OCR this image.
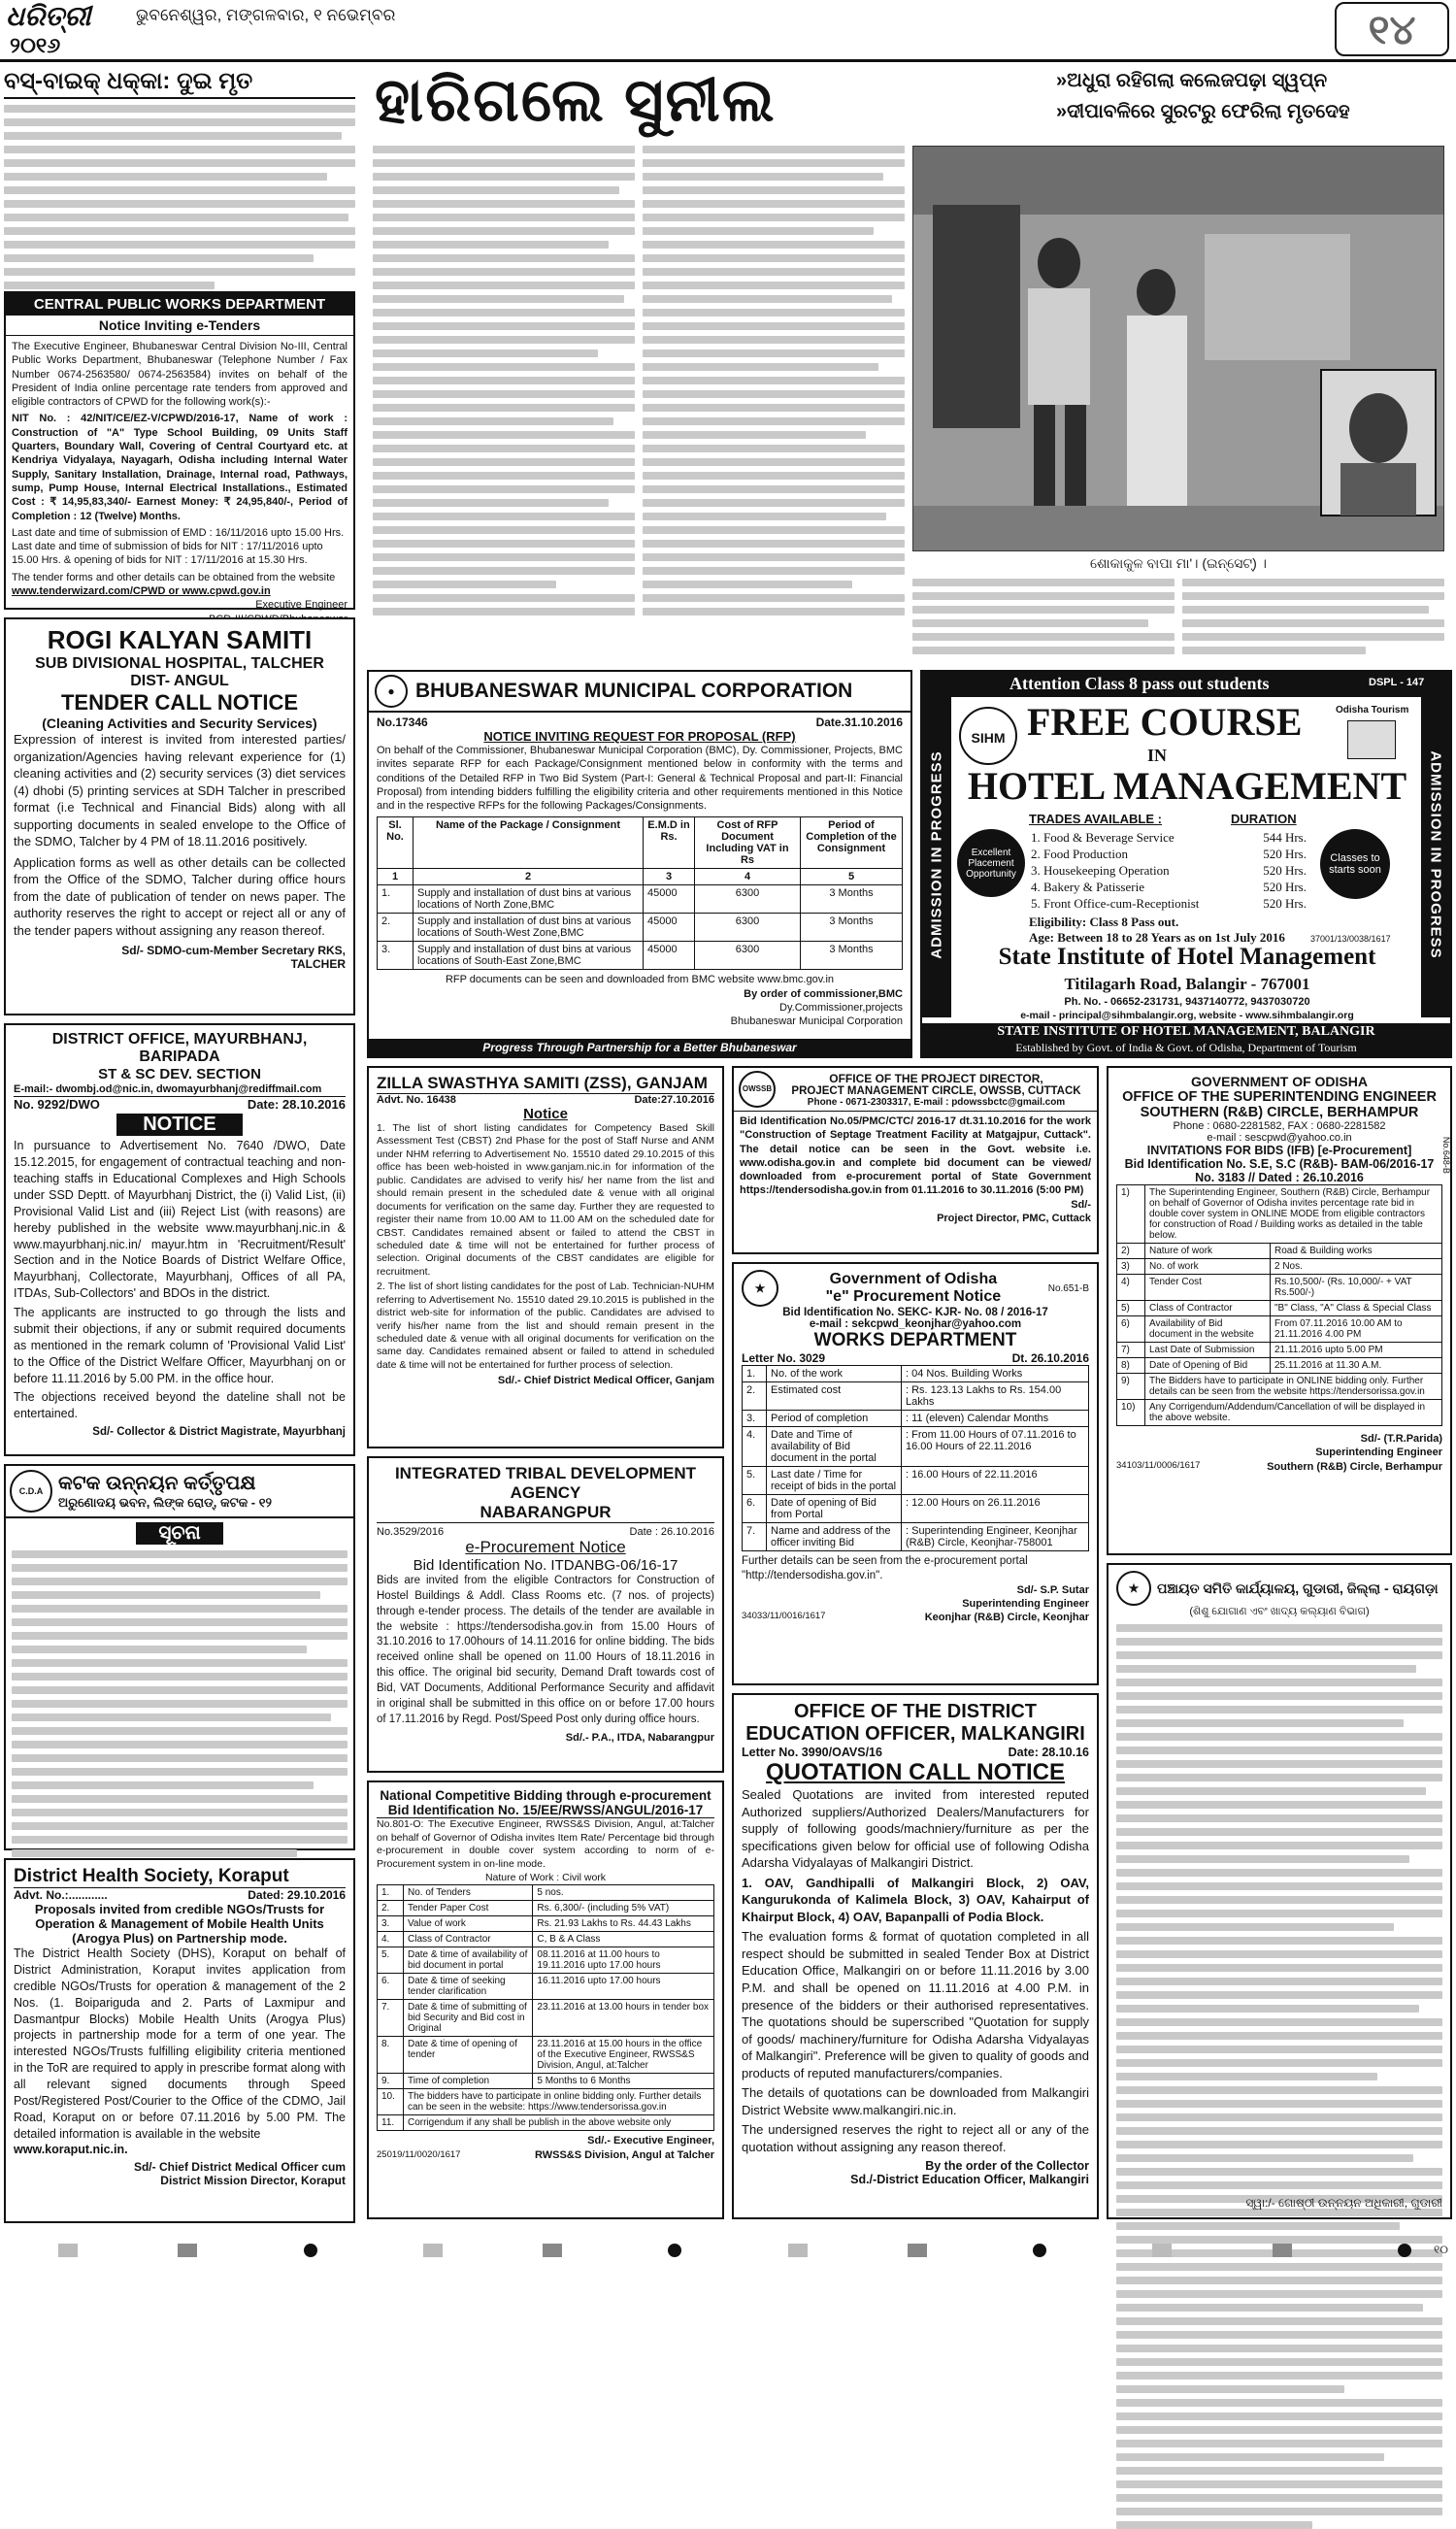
ଧରିତ୍ରୀ
୨୦୧୬
ଭୁବନେଶ୍ୱର, ମଙ୍ଗଳବାର, ୧ ନଭେମ୍ବର	୧୪
ବସ୍-ବାଇକ୍ ଧକ୍କା: ଦୁଇ ମୃତ	ହାରିଗଲେ ସୁନୀଲ	»ଅଧୁରା ରହିଗଲା କଲେଜପଢ଼ା ସ୍ୱପ୍ନ
»ଦୀପାବଳିରେ ସୁରଟରୁ ଫେରିଲା ମୃତଦେହ
ଶୋକାକୁଳ ବାପା ମା'। (ଇନ୍‌ସେଟ୍‌) ।
CENTRAL PUBLIC WORKS DEPARTMENT
Notice Inviting e-Tenders
The Executive Engineer, Bhubaneswar Central Division No-III, Central Public Works Department, Bhubaneswar (Telephone Number / Fax Number 0674-2563580/ 0674-2563584) invites on behalf of the President of India online percentage rate tenders from approved and eligible contractors of CPWD for the following work(s):-
NIT No. : 42/NIT/CE/EZ-V/CPWD/2016-17, Name of work : Construction of "A" Type School Building, 09 Units Staff Quarters, Boundary Wall, Covering of Central Courtyard etc. at Kendriya Vidyalaya, Nayagarh, Odisha including Internal Water Supply, Sanitary Installation, Drainage, Internal road, Pathways, sump, Pump House, Internal Electrical Installations., Estimated Cost : ₹ 14,95,83,340/- Earnest Money: ₹ 24,95,840/-, Period of Completion : 12 (Twelve) Months.
Last date and time of submission of EMD : 16/11/2016 upto 15.00 Hrs. Last date and time of submission of bids for NIT : 17/11/2016 upto 15.00 Hrs. & opening of bids for NIT : 17/11/2016 at 15.30 Hrs.
The tender forms and other details can be obtained from the website
www.tenderwizard.com/CPWD or www.cpwd.gov.in
Executive Engineer
ROGI KALYAN SAMITI
SUB DIVISIONAL HOSPITAL, TALCHER
DIST- ANGUL
TENDER CALL NOTICE
(Cleaning Activities and Security Services)
Expression of interest is invited from interested parties/ organization/Agencies having relevant experience for (1) cleaning activities and (2) security services (3) diet services (4) dhobi (5) printing services at SDH Talcher in prescribed format (i.e Technical and Financial Bids) along with all supporting documents in sealed envelope to the Office of the SDMO, Talcher by 4 PM of 18.11.2016 positively.
Application forms as well as other details can be collected from the Office of the SDMO, Talcher during office hours from the date of publication of tender on news paper. The authority reserves the right to accept or reject all or any of the tender papers without assigning any reason thereof.
Sd/- SDMO-cum-Member Secretary RKS,
TALCHER
DISTRICT OFFICE, MAYURBHANJ, BARIPADA
ST & SC DEV. SECTION
E-mail:- dwombj.od@nic.in, dwomayurbhanj@rediffmail.com
No. 9292/DWO	Date: 28.10.2016
NOTICE
In pursuance to Advertisement No. 7640 /DWO, Date 15.12.2015, for engagement of contractual teaching and non-teaching staffs in Educational Complexes and High Schools under SSD Deptt. of Mayurbhanj District, the (i) Valid List, (ii) Provisional Valid List and (iii) Reject List (with reasons) are hereby published in the website www.mayurbhanj.nic.in & www.mayurbhanj.nic.in/ mayur.htm in 'Recruitment/Result' Section and in the Notice Boards of District Welfare Office, Mayurbhanj, Collectorate, Mayurbhanj, Offices of all PA, ITDAs, Sub-Collectors' and BDOs in the district.
The applicants are instructed to go through the lists and submit their objections, if any or submit required documents as mentioned in the remark column of 'Provisional Valid List' to the Office of the District Welfare Officer, Mayurbhanj on or before 11.11.2016 by 5.00 PM. in the office hour.
The objections received beyond the dateline shall not be entertained.
Sd/- Collector & District Magistrate, Mayurbhanj
C.D.A କଟକ ଉନ୍ନୟନ କର୍ତ୍ତୃପକ୍ଷ
ଅରୁଣୋଦୟ ଭବନ, ଲିଙ୍କ ରୋଡ୍‌, କଟକ - ୧୨
ସୂଚନା
District Health Society, Koraput
Advt. No.:............	Dated: 29.10.2016
Proposals invited from credible NGOs/Trusts for Operation & Management of Mobile Health Units (Arogya Plus) on Partnership mode.
The District Health Society (DHS), Koraput on behalf of District Administration, Koraput invites application from credible NGOs/Trusts for operation & management of the 2 Nos. (1. Boipariguda and 2. Parts of Laxmipur and Dasmantpur Blocks) Mobile Health Units (Arogya Plus) projects in partnership mode for a term of one year. The interested NGOs/Trusts fulfilling eligibility criteria mentioned in the ToR are required to apply in prescribe format along with all relevant signed documents through Speed Post/Registered Post/Courier to the Office of the CDMO, Jail Road, Koraput on or before 07.11.2016 by 5.00 PM. The detailed information is available in the website
www.koraput.nic.in.
Sd/- Chief District Medical Officer cum
District Mission Director, Koraput
●	BHUBANESWAR MUNICIPAL CORPORATION
No.17346	Date.31.10.2016
NOTICE INVITING REQUEST FOR PROPOSAL (RFP)
On behalf of the Commissioner, Bhubaneswar Municipal Corporation (BMC), Dy. Commissioner, Projects, BMC invites separate RFP for each Package/Consignment mentioned below in conformity with the terms and conditions of the Detailed RFP in Two Bid System (Part-I: General & Technical Proposal and part-II: Financial Proposal) from intending bidders fulfilling the eligibility criteria and other requirements mentioned in this Notice and in the respective RFPs for the following Packages/Consignments.
Sl. No.	Name of the Package / Consignment	E.M.D in Rs.	Cost of RFP Document Including VAT in Rs	Period of Completion of the Consignment
1	2	3	4	5
1.	Supply and installation of dust bins at various locations of North Zone,BMC	45000	6300	3 Months
2.	Supply and installation of dust bins at various locations of South-West Zone,BMC	45000	6300	3 Months
3.	Supply and installation of dust bins at various locations of South-East Zone,BMC	45000	6300	3 Months
RFP documents can be seen and downloaded from BMC website www.bmc.gov.in
By order of commissioner,BMC
Dy.Commissioner,projects
Bhubaneswar Municipal Corporation
Progress Through Partnership for a Better Bhubaneswar
Attention Class 8 pass out students	DSPL - 147
ADMISSION IN PROGRESS	ADMISSION IN PROGRESS
SIHM FREE COURSE	Odisha Tourism
IN
HOTEL MANAGEMENT
TRADES AVAILABLE :	DURATION
Excellent Placement Opportunity
1. Food & Beverage Service	544 Hrs.
2. Food Production	520 Hrs.
3. Housekeeping Operation	520 Hrs.
4. Bakery & Patisserie	520 Hrs.
5. Front Office-cum-Receptionist	520 Hrs.
Classes to starts soon
Eligibility: Class 8 Pass out.
Age: Between 18 to 28 Years as on 1st July 2016	37001/13/0038/1617
State Institute of Hotel Management
Titilagarh Road, Balangir - 767001
Ph. No. - 06652-231731, 9437140772, 9437030720
e-mail - principal@sihmbalangir.org, website - www.sihmbalangir.org
STATE INSTITUTE OF HOTEL MANAGEMENT, BALANGIR
Established by Govt. of India & Govt. of Odisha, Department of Tourism
ZILLA SWASTHYA SAMITI (ZSS), GANJAM
Advt. No. 16438	Date:27.10.2016
Notice
1. The list of short listing candidates for Competency Based Skill Assessment Test (CBST) 2nd Phase for the post of Staff Nurse and ANM under NHM referring to Advertisement No. 15510 dated 29.10.2015 of this office has been web-hoisted in www.ganjam.nic.in for information of the public. Candidates are advised to verify his/ her name from the list and should remain present in the scheduled date & venue with all original documents for verification on the same day. Further they are requested to register their name from 10.00 AM to 11.00 AM on the scheduled date for CBST. Candidates remained absent or failed to attend the CBST in scheduled date & time will not be entertained for further process of selection. Original documents of the CBST candidates are eligible for recruitment.
2. The list of short listing candidates for the post of Lab. Technician-NUHM referring to Advertisement No. 15510 dated 29.10.2015 is published in the district web-site for information of the public. Candidates are advised to verify his/her name from the list and should remain present in the scheduled date & venue with all original documents for verification on the same day. Candidates remained absent or failed to attend in scheduled date & time will not be entertained for further process of selection.
Sd/.- Chief District Medical Officer, Ganjam
INTEGRATED TRIBAL DEVELOPMENT AGENCY
NABARANGPUR
No.3529/2016	Date : 26.10.2016
e-Procurement Notice
Bid Identification No. ITDANBG-06/16-17
Bids are invited from the eligible Contractors for Construction of Hostel Buildings & Addl. Class Rooms etc. (7 nos. of projects) through e-tender process. The details of the tender are available in the website : https://tendersodisha.gov.in from 15.00 Hours of 31.10.2016 to 17.00hours of 14.11.2016 for online bidding. The bids received online shall be opened on 11.00 Hours of 18.11.2016 in this office. The original bid security, Demand Draft towards cost of Bid, VAT Documents, Additional Performance Security and affidavit in original shall be submitted in this office on or before 17.00 hours of 17.11.2016 by Regd. Post/Speed Post only during office hours.
Sd/.- P.A., ITDA, Nabarangpur
National Competitive Bidding through e-procurement
Bid Identification No. 15/EE/RWSS/ANGUL/2016-17
No.801-O: The Executive Engineer, RWSS&S Division, Angul, at:Talcher on behalf of Governor of Odisha invites Item Rate/ Percentage bid through e-procurement in double cover system according to norm of e-Procurement system in on-line mode.
Nature of Work : Civil work
1.	No. of Tenders	5 nos.
2.	Tender Paper Cost	Rs. 6,300/- (including 5% VAT)
3.	Value of work	Rs. 21.93 Lakhs to Rs. 44.43 Lakhs
4.	Class of Contractor	C, B & A Class
5.	Date & time of availability of bid document in portal	08.11.2016 at 11.00 hours to 19.11.2016 upto 17.00 hours
6.	Date & time of seeking tender clarification	16.11.2016 upto 17.00 hours
7.	Date & time of submitting of bid Security and Bid cost in Original	23.11.2016 at 13.00 hours in tender box
8.	Date & time of opening of tender	23.11.2016 at 15.00 hours in the office of the Executive Engineer, RWSS&S Division, Angul, at:Talcher
9.	Time of completion	5 Months to 6 Months
10.	The bidders have to participate in online bidding only. Further details can be seen in the website: https://www.tendersorissa.gov.in	
11.	Corrigendum if any shall be publish in the above website only	
25019/11/0020/1617
Sd/.- Executive Engineer,
RWSS&S Division, Angul at Talcher
OWSSB
OFFICE OF THE PROJECT DIRECTOR,
PROJECT MANAGEMENT CIRCLE, OWSSB, CUTTACK
Phone - 0671-2303317, E-mail : pdowssbctc@gmail.com
Bid Identification No.05/PMC/CTC/ 2016-17 dt.31.10.2016 for the work "Construction of Septage Treatment Facility at Matgajpur, Cuttack". The detail notice can be seen in the Govt. website i.e. www.odisha.gov.in and complete bid document can be viewed/ downloaded from e-procurement portal of State Government https://tendersodisha.gov.in from 01.11.2016 to 30.11.2016 (5:00 PM)
Sd/-
Project Director, PMC, Cuttack
★
Government of Odisha
"e" Procurement Notice	No.651-B
Bid Identification No. SEKC- KJR- No. 08 / 2016-17
e-mail : sekcpwd_keonjhar@yahoo.com
WORKS DEPARTMENT
Letter No. 3029	Dt. 26.10.2016
1.	No. of the work	: 04 Nos. Building Works
2.	Estimated cost	: Rs. 123.13 Lakhs to Rs. 154.00 Lakhs
3.	Period of completion	: 11 (eleven) Calendar Months
4.	Date and Time of availability of Bid document in the portal	: From 11.00 Hours of 07.11.2016 to 16.00 Hours of 22.11.2016
5.	Last date / Time for receipt of bids in the portal	: 16.00 Hours of 22.11.2016
6.	Date of opening of Bid from Portal	: 12.00 Hours on 26.11.2016
7.	Name and address of the officer inviting Bid	: Superintending Engineer, Keonjhar (R&B) Circle, Keonjhar-758001
Further details can be seen from the e-procurement portal "http://tendersodisha.gov.in".
Sd/- S.P. Sutar
Superintending Engineer
34033/11/0016/1617	Keonjhar (R&B) Circle, Keonjhar
OFFICE OF THE DISTRICT
EDUCATION OFFICER, MALKANGIRI
Letter No. 3990/OAVS/16	Date: 28.10.16
QUOTATION CALL NOTICE
Sealed Quotations are invited from interested reputed Authorized suppliers/Authorized Dealers/Manufacturers for supply of following goods/machniery/furniture as per the specifications given below for official use of following Odisha Adarsha Vidyalayas of Malkangiri District.
1. OAV, Gandhipalli of Malkangiri Block, 2) OAV, Kangurukonda of Kalimela Block, 3) OAV, Kahairput of Khairput Block, 4) OAV, Bapanpalli of Podia Block.
The evaluation forms & format of quotation completed in all respect should be submitted in sealed Tender Box at District Education Office, Malkangiri on or before 11.11.2016 by 3.00 P.M. and shall be opened on 11.11.2016 at 4.00 P.M. in presence of the bidders or their authorised representatives. The quotations should be superscribed "Quotation for supply of goods/ machinery/furniture for Odisha Adarsha Vidyalayas of Malkangiri". Preference will be given to quality of goods and products of reputed manufacturers/companies.
The details of quotations can be downloaded from Malkangiri District Website www.malkangiri.nic.in.
The undersigned reserves the right to reject all or any of the quotation without assigning any reason thereof.
By the order of the Collector
Sd./-District Education Officer, Malkangiri
GOVERNMENT OF ODISHA
OFFICE OF THE SUPERINTENDING ENGINEER
SOUTHERN (R&B) CIRCLE, BERHAMPUR
Phone : 0680-2281582, FAX : 0680-2281582
e-mail : sescpwd@yahoo.co.in	No.648-B
INVITATIONS FOR BIDS (IFB) [e-Procurement]
Bid Identification No. S.E, S.C (R&B)- BAM-06/2016-17 No. 3183 // Dated : 26.10.2016
1)	The Superintending Engineer, Southern (R&B) Circle, Berhampur on behalf of Governor of Odisha invites percentage rate bid in double cover system in ONLINE MODE from eligible contractors for construction of Road / Building works as detailed in the table below.	
2)	Nature of work	Road & Building works
3)	No. of work	2 Nos.
4)	Tender Cost	Rs.10,500/- (Rs. 10,000/- + VAT Rs.500/-)
5)	Class of Contractor	"B" Class, "A" Class & Special Class
6)	Availability of Bid document in the website	From 07.11.2016 10.00 AM to 21.11.2016 4.00 PM
7)	Last Date of Submission	21.11.2016 upto 5.00 PM
8)	Date of Opening of Bid	25.11.2016 at 11.30 A.M.
9)	The Bidders have to participate in ONLINE bidding only. Further details can be seen from the website https://tendersorissa.gov.in	
10)	Any Corrigendum/Addendum/Cancellation of will be displayed in the above website.	
Sd/- (T.R.Parida)
Superintending Engineer
34103/11/0006/1617	Southern (R&B) Circle, Berhampur
★	ପଞ୍ଚାୟତ ସମିତି କାର୍ଯ୍ୟାଳୟ, ଗୁଡାରୀ, ଜିଲ୍ଲା - ରାୟଗଡ଼ା
(ଶିଶୁ ଯୋଗାଣ ଏବଂ ଖାଦ୍ୟ କଲ୍ୟାଣ ବିଭାଗ)
ସ୍ୱା:/- ଗୋଷ୍ଠୀ ଉନ୍ନୟନ ଅଧିକାରୀ, ଗୁଡାରୀ
୧୦
